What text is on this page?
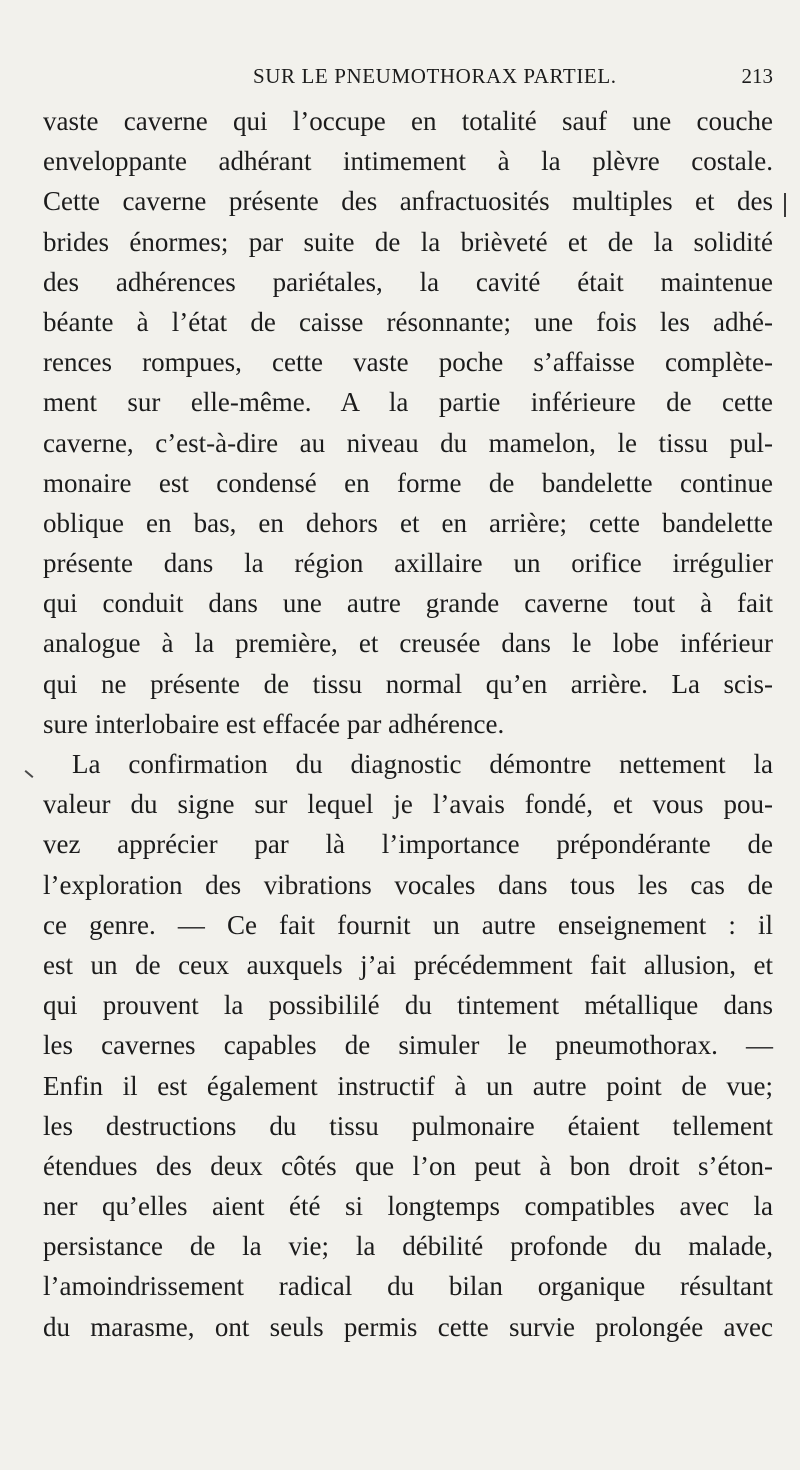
SUR LE PNEUMOTHORAX PARTIEL.	213
vaste caverne qui l’occupe en totalité sauf une couche
enveloppante adhérant intimement à la plèvre costale.
Cette caverne présente des anfractuosités multiples et des
brides énormes; par suite de la brièveté et de la solidité
des adhérences pariétales, la cavité était maintenue
béante à l’état de caisse résonnante; une fois les adhé-
rences rompues, cette vaste poche s’affaisse complète-
ment sur elle-même. A la partie inférieure de cette
caverne, c’est-à-dire au niveau du mamelon, le tissu pul-
monaire est condensé en forme de bandelette continue
oblique en bas, en dehors et en arrière; cette bandelette
présente dans la région axillaire un orifice irrégulier
qui conduit dans une autre grande caverne tout à fait
analogue à la première, et creusée dans le lobe inférieur
qui ne présente de tissu normal qu’en arrière. La scis-
sure interlobaire est effacée par adhérence.
La confirmation du diagnostic démontre nettement la
valeur du signe sur lequel je l’avais fondé, et vous pou-
vez apprécier par là l’importance prépondérante de
l’exploration des vibrations vocales dans tous les cas de
ce genre. — Ce fait fournit un autre enseignement : il
est un de ceux auxquels j’ai précédemment fait allusion, et
qui prouvent la possibililé du tintement métallique dans
les cavernes capables de simuler le pneumothorax. —
Enfin il est également instructif à un autre point de vue;
les destructions du tissu pulmonaire étaient tellement
étendues des deux côtés que l’on peut à bon droit s’éton-
ner qu’elles aient été si longtemps compatibles avec la
persistance de la vie; la débilité profonde du malade,
l’amoindrissement radical du bilan organique résultant
du marasme, ont seuls permis cette survie prolongée avec
